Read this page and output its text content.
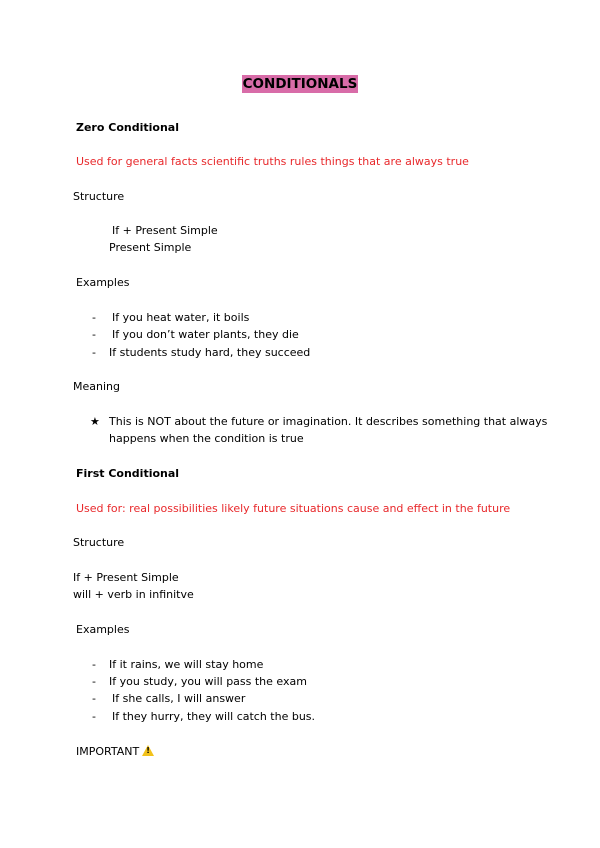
CONDITIONALS
Zero Conditional
Used for general facts scientific truths rules things that are always true
Structure
If + Present Simple
Present Simple
Examples
- If you heat water, it boils
- If you don’t water plants, they die
- If students study hard, they succeed
Meaning
★ This is NOT about the future or imagination. It describes something that always
happens when the condition is true
First Conditional
Used for: real possibilities likely future situations cause and effect in the future
Structure
If + Present Simple
will + verb in infinitve
Examples
- If it rains, we will stay home
- If you study, you will pass the exam
- If she calls, I will answer
- If they hurry, they will catch the bus.
IMPORTANT!
